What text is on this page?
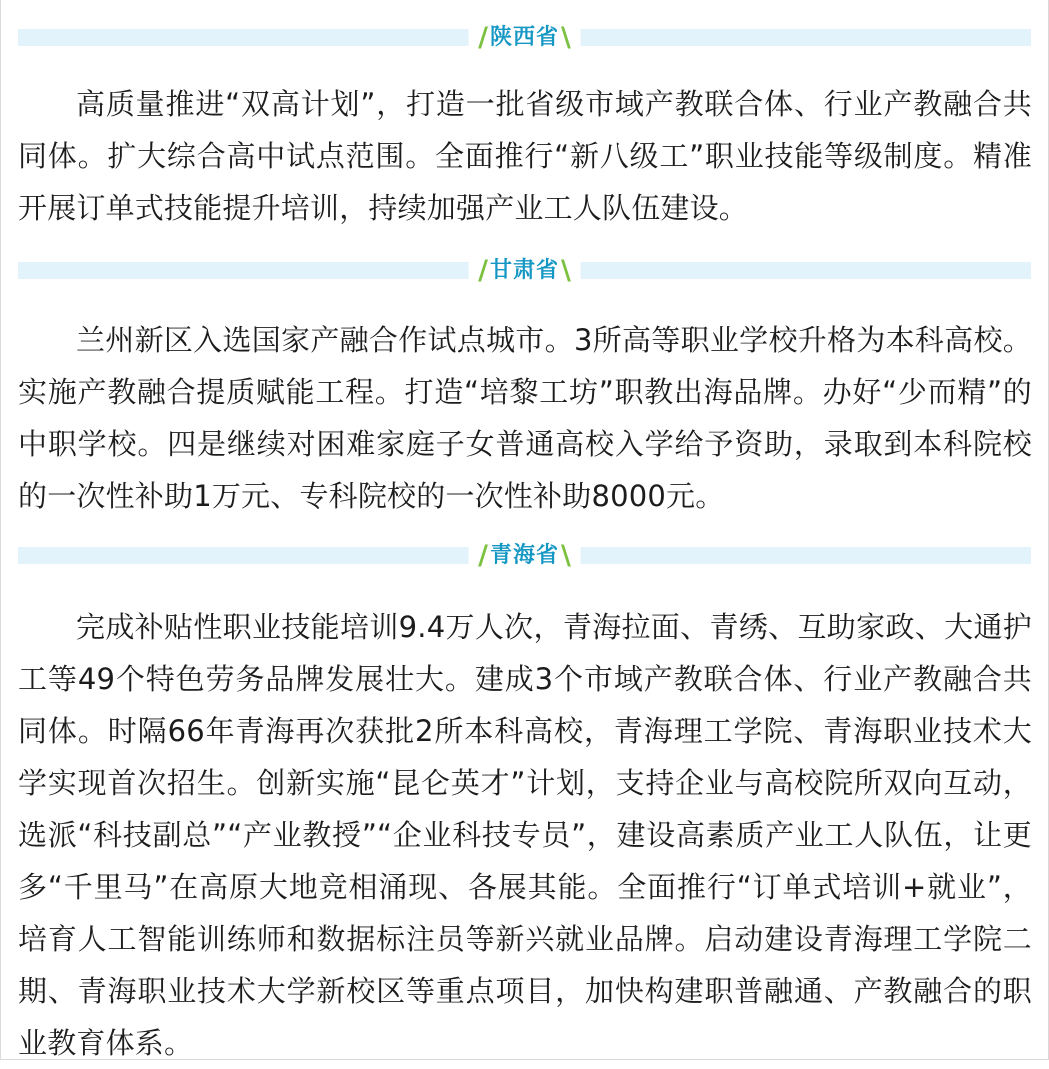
/ 陕西省 \

高质量推进“双高计划”，打造一批省级市域产教联合体、行业产教融合共同体。扩大综合高中试点范围。全面推行“新八级工”职业技能等级制度。精准开展订单式技能提升培训，持续加强产业工人队伍建设。

/ 甘肃省 \

兰州新区入选国家产融合作试点城市。3所高等职业学校升格为本科高校。实施产教融合提质赋能工程。打造“培黎工坊”职教出海品牌。办好“少而精”的中职学校。四是继续对困难家庭子女普通高校入学给予资助，录取到本科院校的一次性补助1万元、专科院校的一次性补助8000元。

/ 青海省 \

完成补贴性职业技能培训9.4万人次，青海拉面、青绣、互助家政、大通护工等49个特色劳务品牌发展壮大。建成3个市域产教联合体、行业产教融合共同体。时隔66年青海再次获批2所本科高校，青海理工学院、青海职业技术大学实现首次招生。创新实施“昆仑英才”计划，支持企业与高校院所双向互动，选派“科技副总”“产业教授”“企业科技专员”，建设高素质产业工人队伍，让更多“千里马”在高原大地竞相涌现、各展其能。全面推行“订单式培训+就业”，培育人工智能训练师和数据标注员等新兴就业品牌。启动建设青海理工学院二期、青海职业技术大学新校区等重点项目，加快构建职普融通、产教融合的职业教育体系。
